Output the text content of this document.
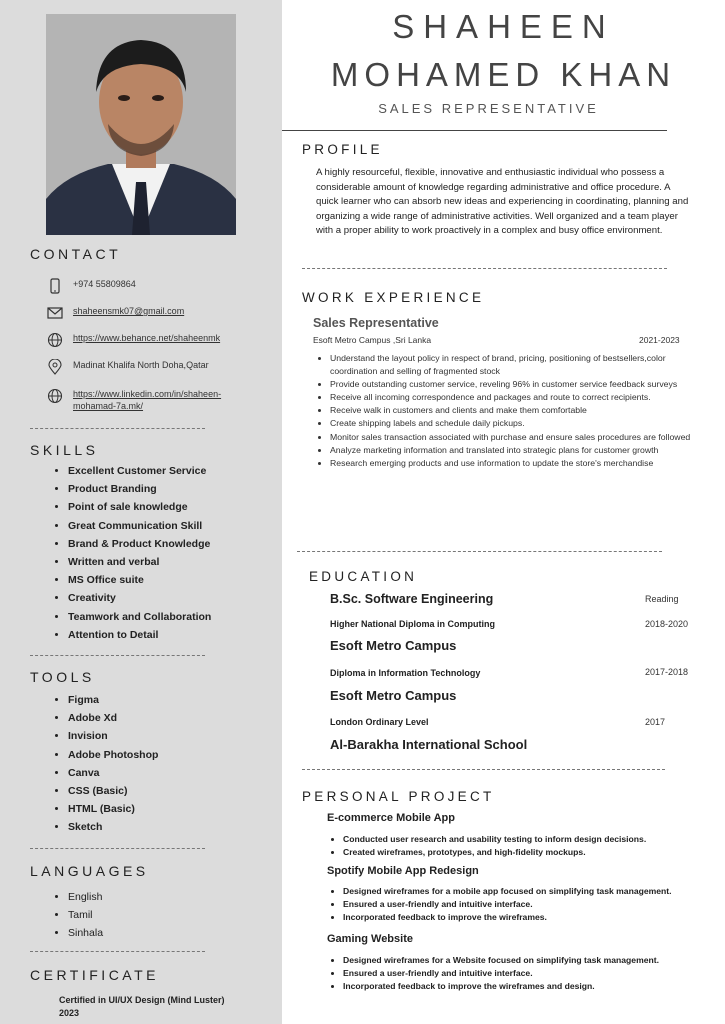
CONTACT
+974 55809864
shaheensmk07@gmail.com
https://www.behance.net/shaheenmk
Madinat Khalifa North Doha,Qatar
https://www.linkedin.com/in/shaheen-mohamad-7a.mk/
SKILLS
• Excellent Customer Service
• Product Branding
• Point of sale knowledge
• Great Communication Skill
• Brand & Product Knowledge
• Written and verbal
• MS Office suite
• Creativity
• Teamwork and Collaboration
• Attention to Detail
TOOLS
• Figma
• Adobe Xd
• Invision
• Adobe Photoshop
• Canva
• CSS (Basic)
• HTML (Basic)
• Sketch
LANGUAGES
• English
• Tamil
• Sinhala
CERTIFICATE
Certified in UI/UX Design (Mind Luster)
2023
SHAHEEN
MOHAMED KHAN
SALES REPRESENTATIVE
PROFILE
A highly resourceful, flexible, innovative and enthusiastic individual who possess a considerable amount of knowledge regarding administrative and office procedure. A quick learner who can absorb new ideas and experiencing in coordinating, planning and organizing a wide range of administrative activities. Well organized and a team player with a proper ability to work proactively in a complex and busy office environment.
WORK EXPERIENCE
Sales Representative
Esoft Metro Campus ,Sri Lanka	2021-2023
• Understand the layout policy in respect of brand, pricing, positioning of bestsellers,color coordination and selling of fragmented stock
• Provide outstanding customer service, reveling 96% in customer service feedback surveys
• Receive all incoming correspondence and packages and route to correct recipients.
• Receive walk in customers and clients and make them comfortable
• Create shipping labels and schedule daily pickups.
• Monitor sales transaction associated with purchase and ensure sales procedures are followed
• Analyze marketing information and translated into strategic plans for customer growth
• Research emerging products and use information to update the store's merchandise
EDUCATION
B.Sc. Software Engineering	Reading
Higher National Diploma in Computing	2018-2020
Esoft Metro Campus
Diploma in Information Technology	2017-2018
Esoft Metro Campus
London Ordinary Level	2017
Al-Barakha International School
PERSONAL PROJECT
E-commerce Mobile App
• Conducted user research and usability testing to inform design decisions.
• Created wireframes, prototypes, and high-fidelity mockups.
Spotify Mobile App Redesign
• Designed wireframes for a mobile app focused on simplifying task management.
• Ensured a user-friendly and intuitive interface.
• Incorporated feedback to improve the wireframes.
Gaming Website
• Designed wireframes for a Website focused on simplifying task management.
• Ensured a user-friendly and intuitive interface.
• Incorporated feedback to improve the wireframes and design.
